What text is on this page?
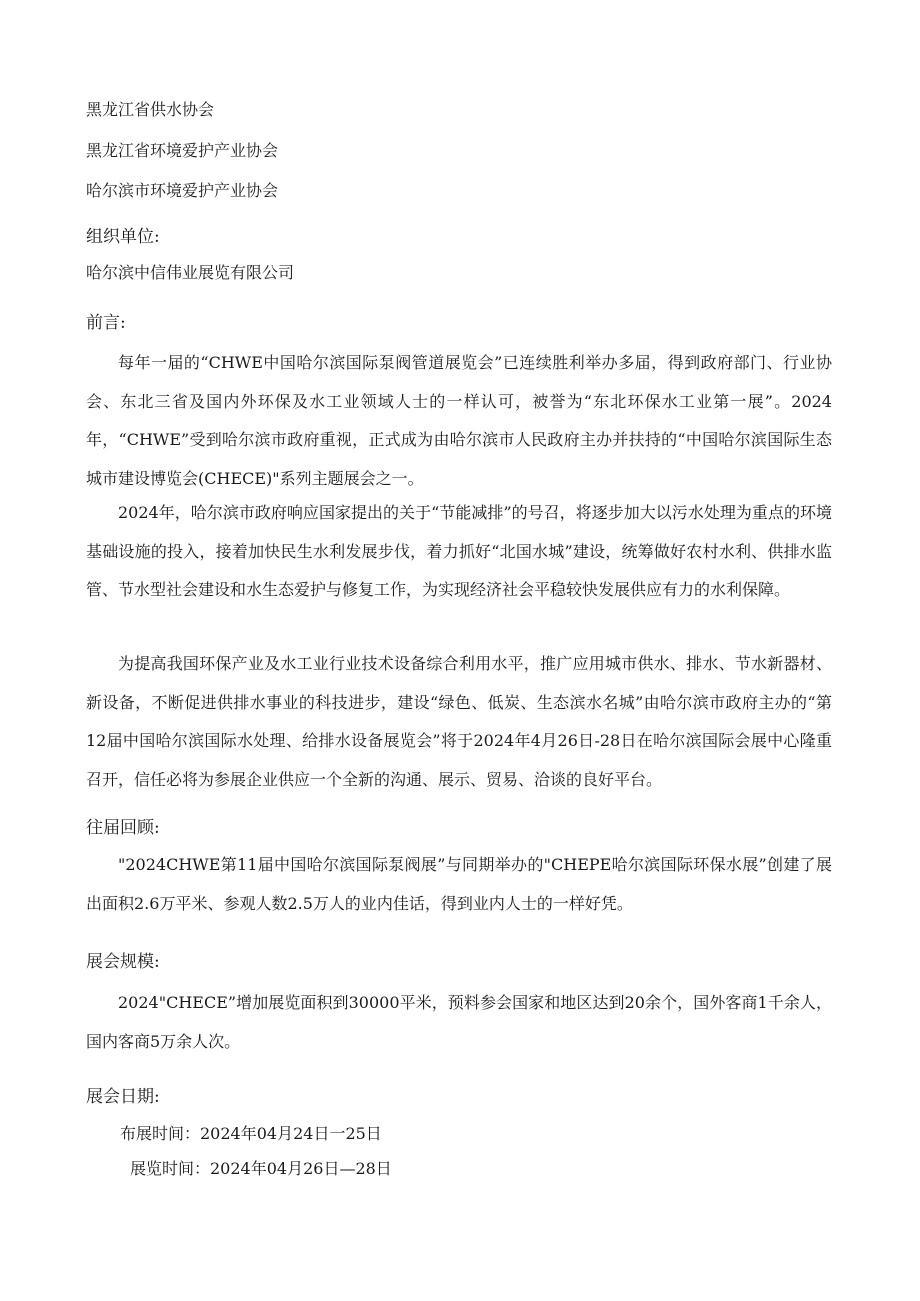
黑龙江省供水协会
黑龙江省环境爱护产业协会
哈尔滨市环境爱护产业协会
组织单位:
哈尔滨中信伟业展览有限公司
前言:

每年一届的“CHWE中国哈尔滨国际泵阀管道展览会”已连续胜利举办多届，得到政府部门、行业协会、东北三省及国内外环保及水工业领域人士的一样认可，被誉为“东北环保水工业第一展”。2024年，“CHWE”受到哈尔滨市政府重视，正式成为由哈尔滨市人民政府主办并扶持的“中国哈尔滨国际生态城市建设博览会(CHECE)"系列主题展会之一。

2024年，哈尔滨市政府响应国家提出的关于“节能减排”的号召，将逐步加大以污水处理为重点的环境基础设施的投入，接着加快民生水利发展步伐，着力抓好“北国水城”建设，统筹做好农村水利、供排水监管、节水型社会建设和水生态爱护与修复工作，为实现经济社会平稳较快发展供应有力的水利保障。

为提高我国环保产业及水工业行业技术设备综合利用水平，推广应用城市供水、排水、节水新器材、新设备，不断促进供排水事业的科技进步，建设“绿色、低炭、生态滨水名城”由哈尔滨市政府主办的“第12届中国哈尔滨国际水处理、给排水设备展览会”将于2024年4月26日-28日在哈尔滨国际会展中心隆重召开，信任必将为参展企业供应一个全新的沟通、展示、贸易、洽谈的良好平台。

往届回顾:

"2024CHWE第11届中国哈尔滨国际泵阀展”与同期举办的"CHEPE哈尔滨国际环保水展”创建了展出面积2.6万平米、参观人数2.5万人的业内佳话，得到业内人士的一样好凭。

展会规模:

2024"CHECE”增加展览面积到30000平米，预料参会国家和地区达到20余个，国外客商1千余人，国内客商5万余人次。

展会日期:
布展时间：2024年04月24日一25日
展览时间：2024年04月26日—28日
